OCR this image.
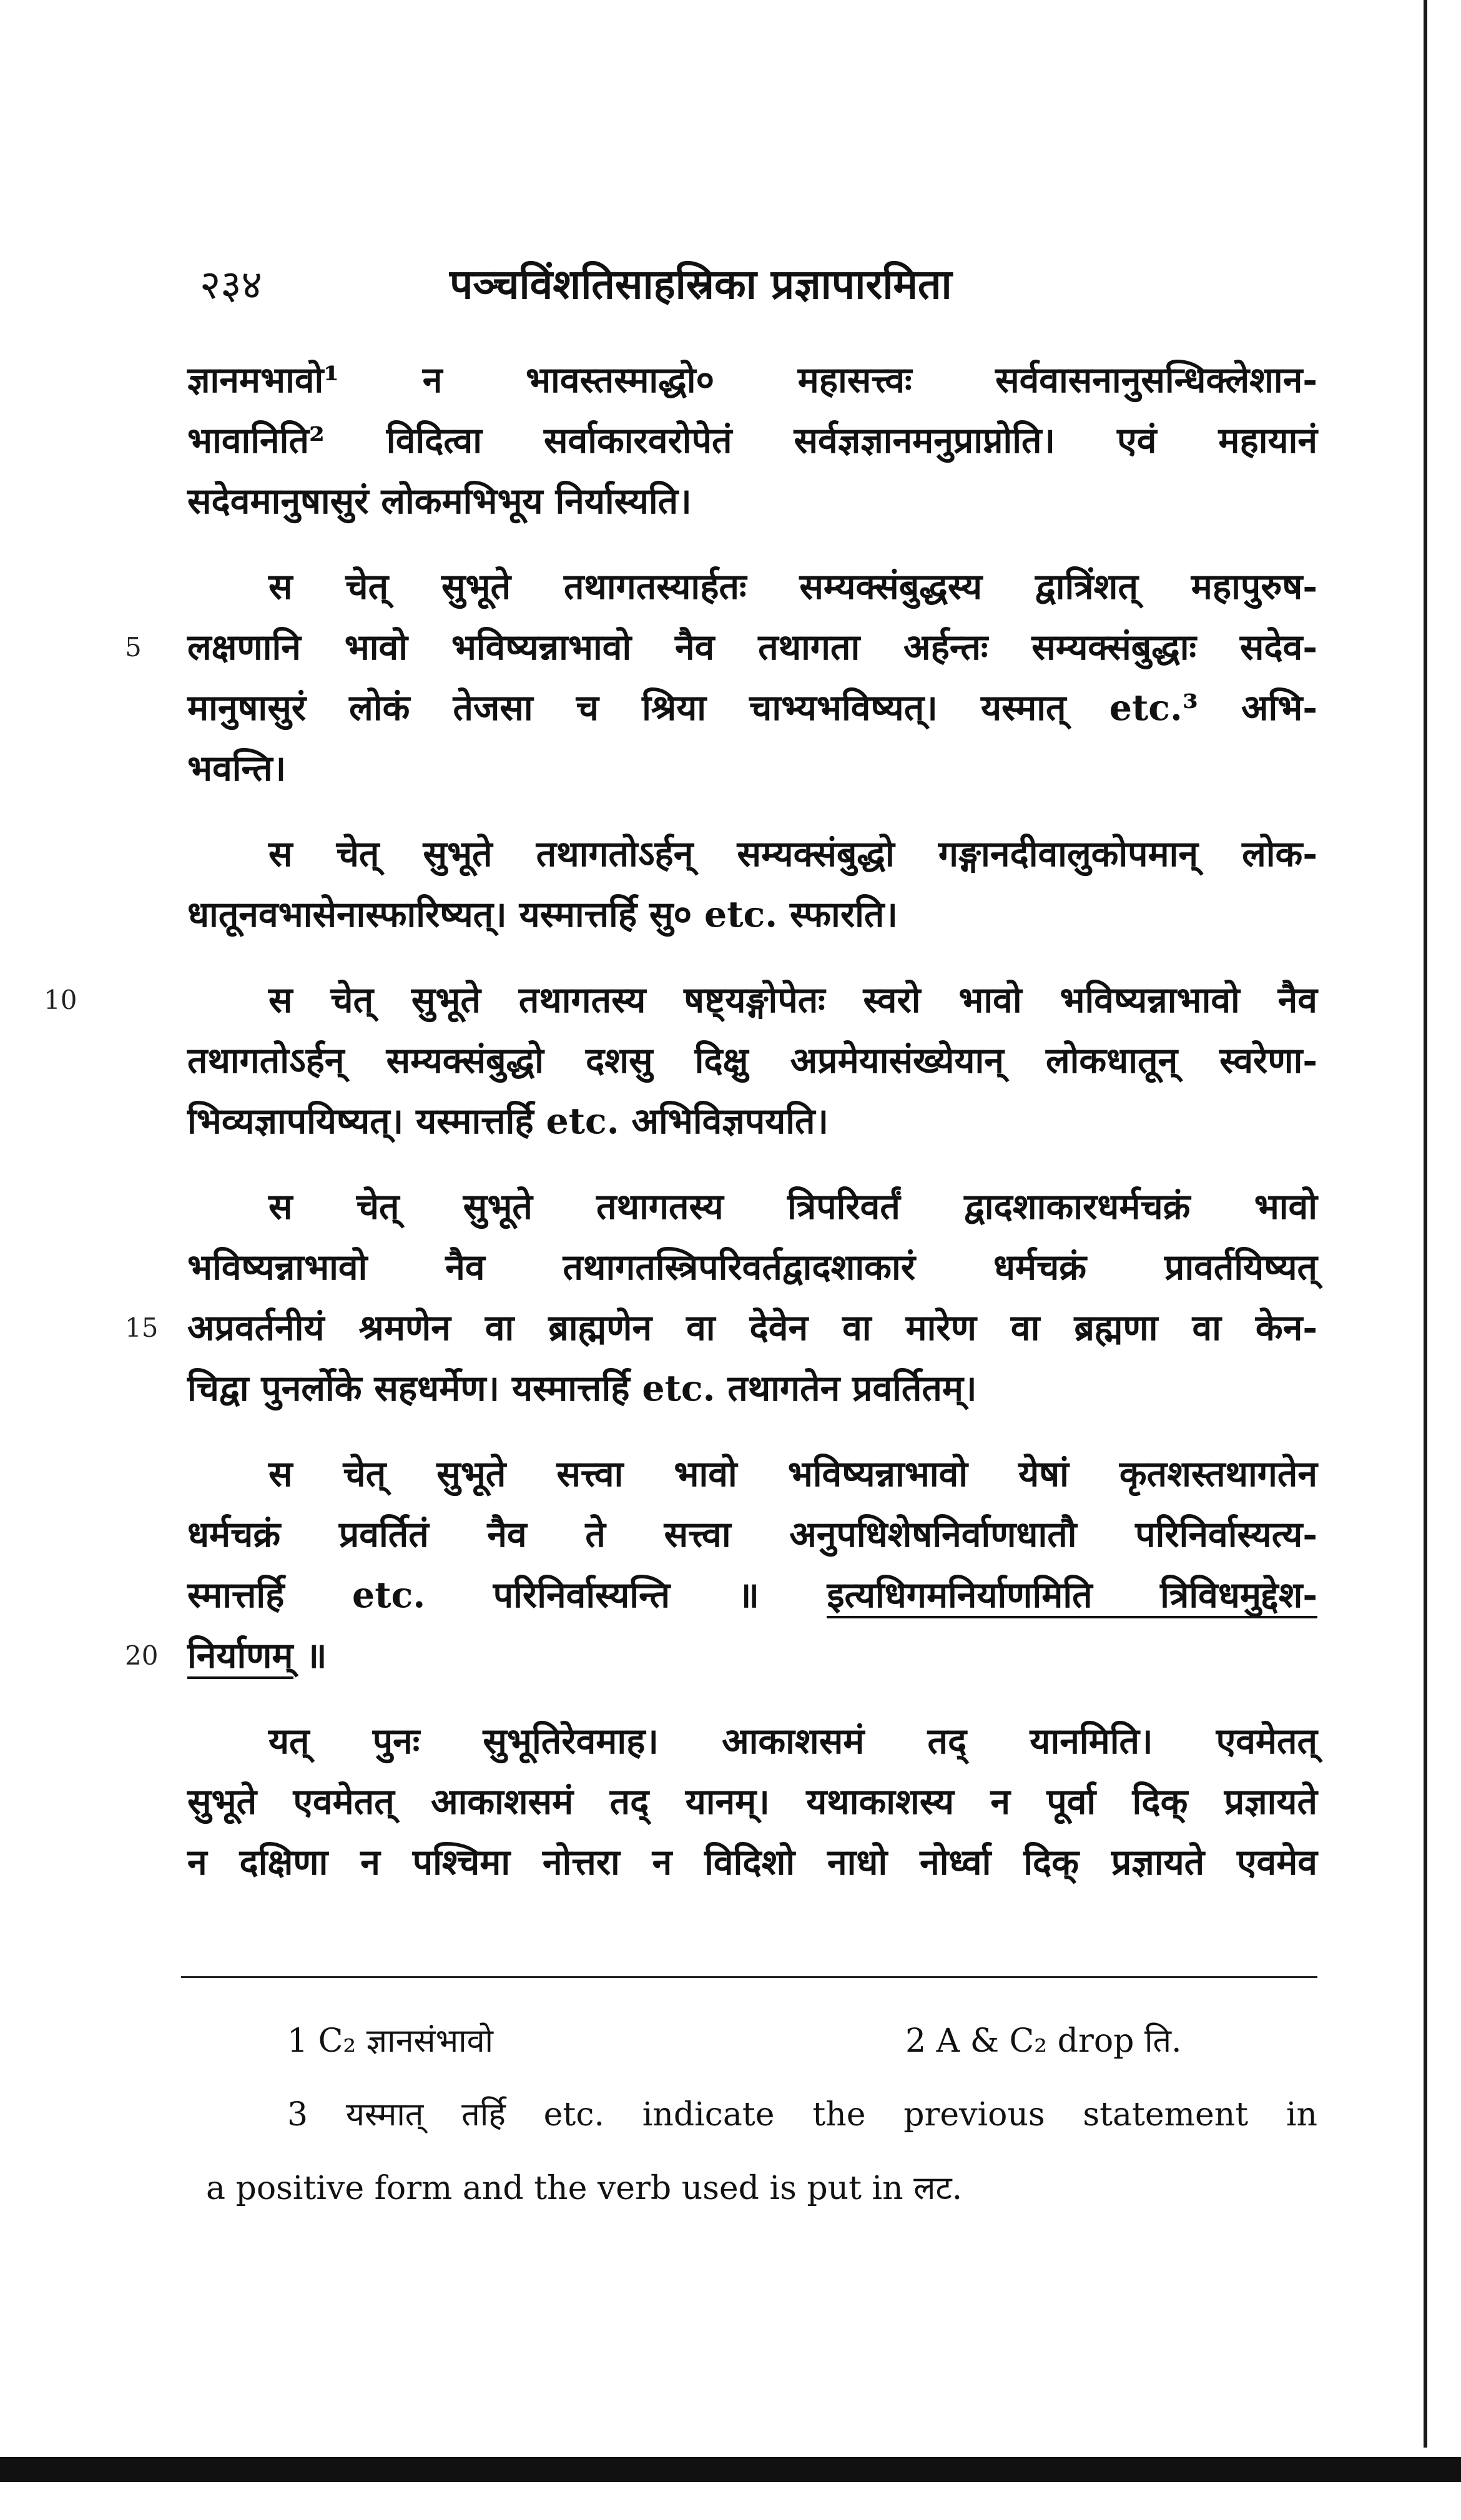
२३४	पञ्चविंशतिसाहस्रिका प्रज्ञापारमिता
ज्ञानमभावो¹ न भावस्तस्माद्धो० महासत्त्वः सर्ववासनानुसन्धिक्लेशान-
भावानिति² विदित्वा सर्वाकारवरोपेतं सर्वज्ञज्ञानमनुप्राप्नोति। एवं महायानं
सदेवमानुषासुरं लोकमभिभूय निर्यास्यति।
स चेत् सुभूते तथागतस्यार्हतः सम्यक्संबुद्धस्य द्वात्रिंशत् महापुरुष-
5 लक्षणानि भावो भविष्यन्नाभावो नैव तथागता अर्हन्तः सम्यक्संबुद्धाः सदेव-
मानुषासुरं लोकं तेजसा च श्रिया चाभ्यभविष्यत्। यस्मात् etc.³ अभि-
भवन्ति।
स चेत् सुभूते तथागतोऽर्हन् सम्यक्संबुद्धो गङ्गानदीवालुकोपमान् लोक-
धातूनवभासेनास्फारिष्यत्। यस्मात्तर्हि सु० etc. स्फारति।
10	स चेत् सुभूते तथागतस्य षष्ट्यङ्गोपेतः स्वरो भावो भविष्यन्नाभावो नैव
तथागतोऽर्हन् सम्यक्संबुद्धो दशसु दिक्षु अप्रमेयासंख्येयान् लोकधातून् स्वरेणा-
भिव्यज्ञापयिष्यत्। यस्मात्तर्हि etc. अभिविज्ञपयति।
स चेत् सुभूते तथागतस्य त्रिपरिवर्तं द्वादशाकारधर्मचक्रं भावो
भविष्यन्नाभावो नैव तथागतस्त्रिपरिवर्तद्वादशाकारं धर्मचक्रं प्रावर्तयिष्यत्
15 अप्रवर्तनीयं श्रमणेन वा ब्राह्मणेन वा देवेन वा मारेण वा ब्रह्मणा वा केन-
चिद्वा पुनर्लोके सहधर्मेण। यस्मात्तर्हि etc. तथागतेन प्रवर्तितम्।
स चेत् सुभूते सत्त्वा भावो भविष्यन्नाभावो येषां कृतशस्तथागतेन
धर्मचक्रं प्रवर्तितं नैव ते सत्त्वा अनुपधिशेषनिर्वाणधातौ परिनिर्वास्यत्य-
स्मात्तर्हि etc. परिनिर्वास्यन्ति ॥ इत्यधिगमनिर्याणमिति त्रिविधमुद्देश-
20 निर्याणम् ॥
यत् पुनः सुभूतिरेवमाह। आकाशसमं तद् यानमिति। एवमेतत्
सुभूते एवमेतत् आकाशसमं तद् यानम्। यथाकाशस्य न पूर्वा दिक् प्रज्ञायते
न दक्षिणा न पश्चिमा नोत्तरा न विदिशो नाधो नोर्ध्वा दिक् प्रज्ञायते एवमेव
1 C₂ ज्ञानसंभावो	2 A & C₂ drop ति.
3 यस्मात् तर्हि etc. indicate the previous statement in
a positive form and the verb used is put in लट.
